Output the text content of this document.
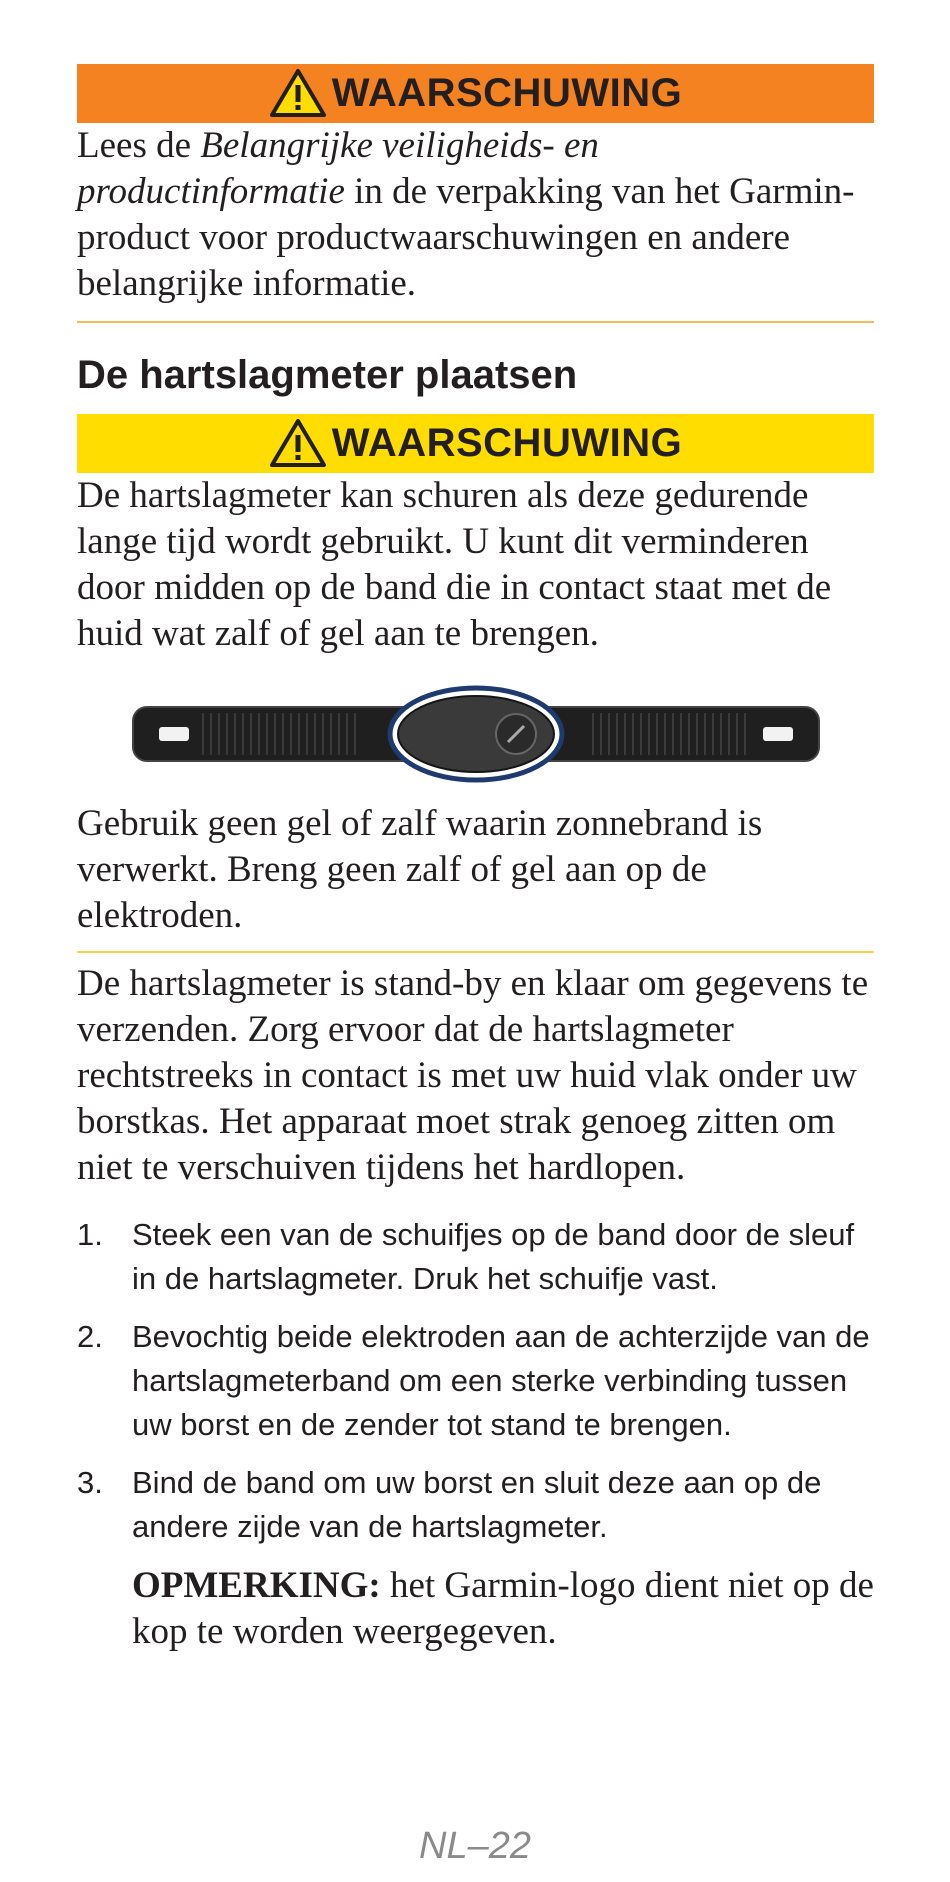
WAARSCHUWING

Lees de Belangrijke veiligheids- en productinformatie in de verpakking van het Garmin-product voor productwaarschuwingen en andere belangrijke informatie.

De hartslagmeter plaatsen
WAARSCHUWING

De hartslagmeter kan schuren als deze gedurende lange tijd wordt gebruikt. U kunt dit verminderen door midden op de band die in contact staat met de huid wat zalf of gel aan te brengen.

Gebruik geen gel of zalf waarin zonnebrand is verwerkt. Breng geen zalf of gel aan op de elektroden.

De hartslagmeter is stand-by en klaar om gegevens te verzenden. Zorg ervoor dat de hartslagmeter rechtstreeks in contact is met uw huid vlak onder uw borstkas. Het apparaat moet strak genoeg zitten om niet te verschuiven tijdens het hardlopen.

1. Steek een van de schuifjes op de band door de sleuf in de hartslagmeter. Druk het schuifje vast.
2. Bevochtig beide elektroden aan de achterzijde van de hartslagmeterband om een sterke verbinding tussen uw borst en de zender tot stand te brengen.
3. Bind de band om uw borst en sluit deze aan op de andere zijde van de hartslagmeter.

OPMERKING: het Garmin-logo dient niet op de kop te worden weergegeven.

NL–22
